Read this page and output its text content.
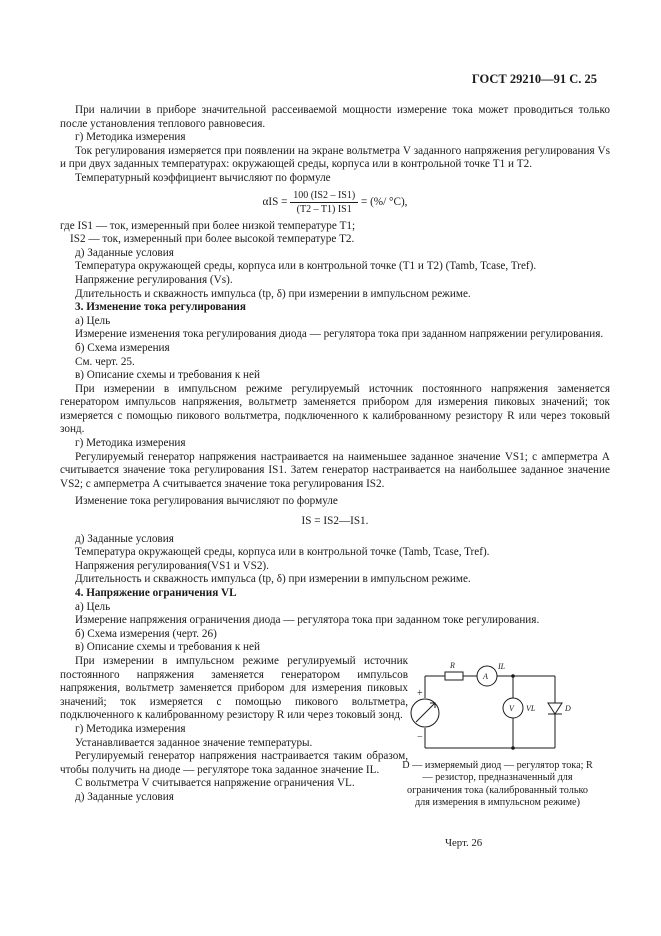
ГОСТ 29210—91 С. 25

При наличии в приборе значительной рассеиваемой мощности измерение тока может проводиться только после установления теплового равновесия.

г) Методика измерения

Ток регулирования измеряется при появлении на экране вольтметра V заданного напряжения регулирования Vs и при двух заданных температурах: окружающей среды, корпуса или в контрольной точке T1 и T2.

Температурный коэффициент вычисляют по формуле

$\alpha IS = \frac{100 (IS2 - IS1)}{(T2 - T1) IS1}$ = (%/ °C),

где IS1 — ток, измеренный при более низкой температуре T1;

IS2 — ток, измеренный при более высокой температуре T2.

д) Заданные условия

Температура окружающей среды, корпуса или в контрольной точке (T1 и T2) (Tamb, Tcase, Tref).

Напряжение регулирования (Vs).

Длительность и скважность импульса (tp, δ) при измерении в импульсном режиме.

3. Изменение тока регулирования

а) Цель

Измерение изменения тока регулирования диода — регулятора тока при заданном напряжении регулирования.

б) Схема измерения

См. черт. 25.

в) Описание схемы и требования к ней

При измерении в импульсном режиме регулируемый источник постоянного напряжения заменяется генератором импульсов напряжения, вольтметр заменяется прибором для измерения пиковых значений; ток измеряется с помощью пикового вольтметра, подключенного к калиброванному резистору R или через токовый зонд.

г) Методика измерения

Регулируемый генератор напряжения настраивается на наименьшее заданное значение VS1; с амперметра A считывается значение тока регулирования IS1. Затем генератор настраивается на наибольшее заданное значение VS2; с амперметра A считывается значение тока регулирования IS2.

Изменение тока регулирования вычисляют по формуле

IS = IS2—IS1.

д) Заданные условия

Температура окружающей среды, корпуса или в контрольной точке (Tamb, Tcase, Tref).

Напряжения регулирования(VS1 и VS2).

Длительность и скважность импульса (tp, δ) при измерении в импульсном режиме.

4. Напряжение ограничения VL

а) Цель

Измерение напряжения ограничения диода — регулятора тока при заданном токе регулирования.

б) Схема измерения (черт. 26)

в) Описание схемы и требования к ней

При измерении в импульсном режиме регулируемый источник постоянного напряжения заменяется генератором импульсов напряжения, вольтметр заменяется прибором для измерения пиковых значений; ток измеряется с помощью пикового вольтметра, подключенного к калиброванному резистору R или через токовый зонд.

г) Методика измерения

Устанавливается заданное значение температуры.

Регулируемый генератор напряжения настраивается таким образом, чтобы получить на диоде — регуляторе тока заданное значение IL.

С вольтметра V считывается напряжение ограничения VL.

д) Заданные условия

R	IL
A
V VL	D
+
−
D — измеряемый диод — регулятор тока; R — резистор, предназначенный для ограничения тока (калиброванный только для измерения в импульсном режиме)
Черт. 26
